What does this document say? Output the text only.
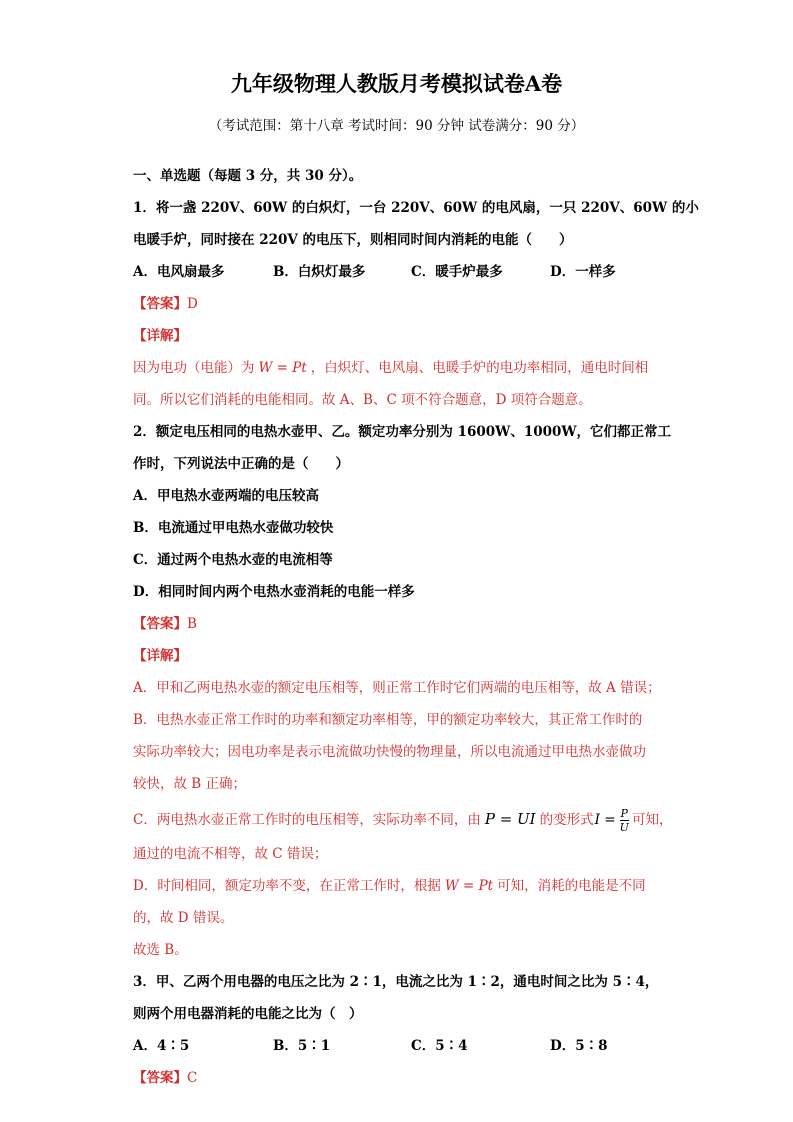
九年级物理人教版月考模拟试卷A卷
（考试范围：第十八章 考试时间：90 分钟 试卷满分：90 分）
一、单选题（每题 3 分，共 30 分）。
1．将一盏 220V、60W 的白炽灯，一台 220V、60W 的电风扇，一只 220V、60W 的小
电暖手炉，同时接在 220V 的电压下，则相同时间内消耗的电能（　　）
A．电风扇最多	B．白炽灯最多	C．暖手炉最多	D．一样多
【答案】D
【详解】
因为电功（电能）为 W = Pt ，白炽灯、电风扇、电暖手炉的电功率相同，通电时间相
同。所以它们消耗的电能相同。故 A、B、C 项不符合题意，D 项符合题意。
2．额定电压相同的电热水壶甲、乙。额定功率分别为 1600W、1000W，它们都正常工
作时，下列说法中正确的是（　　）
A．甲电热水壶两端的电压较高
B．电流通过甲电热水壶做功较快
C．通过两个电热水壶的电流相等
D．相同时间内两个电热水壶消耗的电能一样多
【答案】B
【详解】
A．甲和乙两电热水壶的额定电压相等，则正常工作时它们两端的电压相等，故 A 错误；
B．电热水壶正常工作时的功率和额定功率相等，甲的额定功率较大，其正常工作时的
实际功率较大；因电功率是表示电流做功快慢的物理量，所以电流通过甲电热水壶做功
较快，故 B 正确；
C．两电热水壶正常工作时的电压相等，实际功率不同，由 P = UI 的变形式$I = \frac{P}{U}$ 可知，
通过的电流不相等，故 C 错误；
D．时间相同，额定功率不变，在正常工作时，根据 W = Pt 可知，消耗的电能是不同
的，故 D 错误。
故选 B。
3．甲、乙两个用电器的电压之比为 2∶1，电流之比为 1∶2，通电时间之比为 5∶4，
则两个用电器消耗的电能之比为（　）
A．4∶5	B．5∶1	C．5∶4	D．5∶8
【答案】C
